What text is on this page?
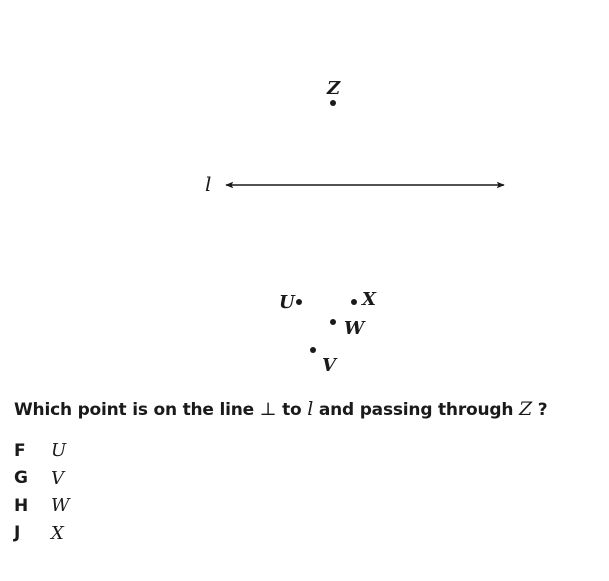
l
Z
U	X
W
V
Which point is on the line ⊥ to l and passing through Z ?
F	U
G	V
H	W
J	X
